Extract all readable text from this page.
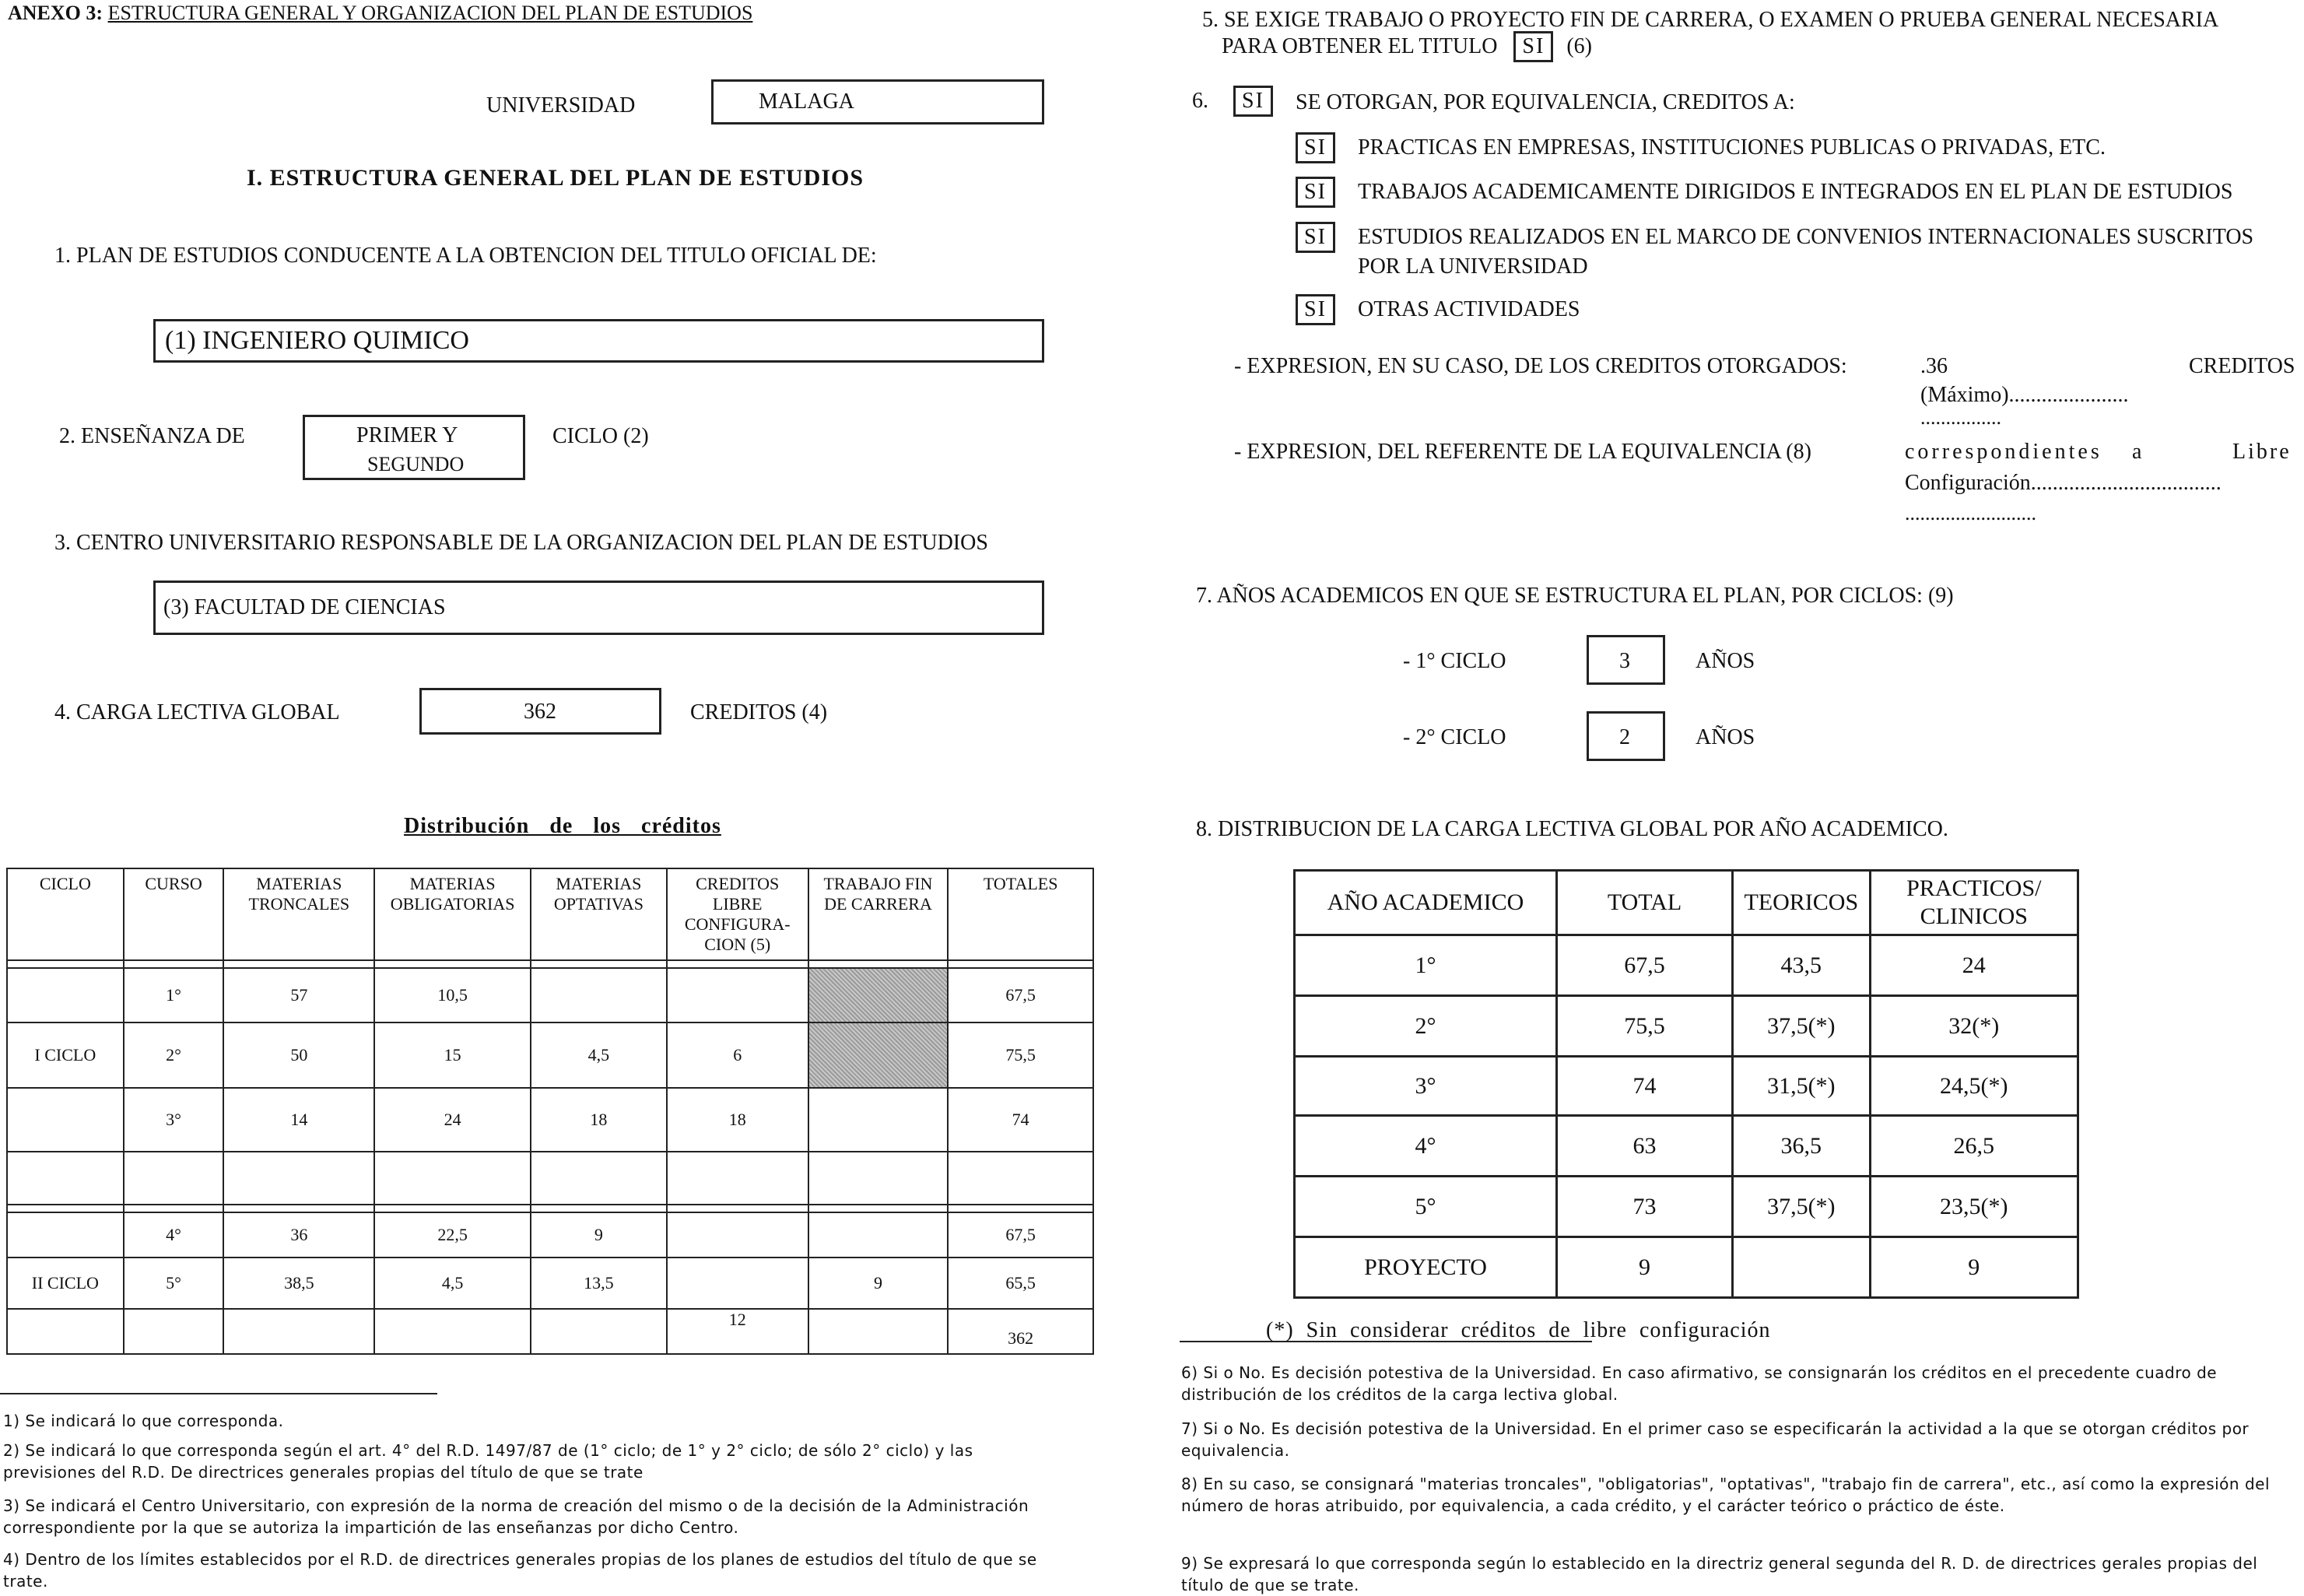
ANEXO 3: ESTRUCTURA GENERAL Y ORGANIZACION DEL PLAN DE ESTUDIOS
UNIVERSIDAD	MALAGA
I. ESTRUCTURA GENERAL DEL PLAN DE ESTUDIOS
1. PLAN DE ESTUDIOS CONDUCENTE A LA OBTENCION DEL TITULO OFICIAL DE:
(1) INGENIERO QUIMICO
2. ENSEÑANZA DE	PRIMER Y
SEGUNDO
CICLO (2)
3. CENTRO UNIVERSITARIO RESPONSABLE DE LA ORGANIZACION DEL PLAN DE ESTUDIOS
(3) FACULTAD DE CIENCIAS
4. CARGA LECTIVA GLOBAL	362	CREDITOS (4)
Distribución de los créditos
CICLO	CURSO	MATERIAS TRONCALES	MATERIAS OBLIGATORIAS	MATERIAS OPTATIVAS	CREDITOS LIBRE CONFIGURA- CION (5)	TRABAJO FIN DE CARRERA	TOTALES

	1°	57	10,5				67,5
I CICLO	2°	50	15	4,5	6		75,5
	3°	14	24	18	18		74

	4°	36	22,5	9			67,5
II CICLO	5°	38,5	4,5	13,5		9	65,5
					12		362
1) Se indicará lo que corresponda.
2) Se indicará lo que corresponda según el art. 4° del R.D. 1497/87 de (1° ciclo; de 1° y 2° ciclo; de sólo 2° ciclo) y las previsiones del R.D. De directrices generales propias del título de que se trate
3) Se indicará el Centro Universitario, con expresión de la norma de creación del mismo o de la decisión de la Administración correspondiente por la que se autoriza la impartición de las enseñanzas por dicho Centro.
4) Dentro de los límites establecidos por el R.D. de directrices generales propias de los planes de estudios del título de que se trate.
5. SE EXIGE TRABAJO O PROYECTO FIN DE CARRERA, O EXAMEN O PRUEBA GENERAL NECESARIA
PARA OBTENER EL TITULO SI (6)
6.	SI	SE OTORGAN, POR EQUIVALENCIA, CREDITOS A:
SI	PRACTICAS EN EMPRESAS, INSTITUCIONES PUBLICAS O PRIVADAS, ETC.
SI	TRABAJOS ACADEMICAMENTE DIRIGIDOS E INTEGRADOS EN EL PLAN DE ESTUDIOS
SI	ESTUDIOS REALIZADOS EN EL MARCO DE CONVENIOS INTERNACIONALES SUSCRITOS
POR LA UNIVERSIDAD
SI	OTRAS ACTIVIDADES
- EXPRESION, EN SU CASO, DE LOS CREDITOS OTORGADOS:	.36	CREDITOS
(Máximo)......................
................
- EXPRESION, DEL REFERENTE DE LA EQUIVALENCIA (8)	correspondientes a	Libre
Configuración...................................
..........................
7. AÑOS ACADEMICOS EN QUE SE ESTRUCTURA EL PLAN, POR CICLOS: (9)
- 1° CICLO	3	AÑOS
- 2° CICLO	2	AÑOS
8. DISTRIBUCION DE LA CARGA LECTIVA GLOBAL POR AÑO ACADEMICO.
AÑO ACADEMICO	TOTAL	TEORICOS	PRACTICOS/ CLINICOS
1°	67,5	43,5	24
2°	75,5	37,5(*)	32(*)
3°	74	31,5(*)	24,5(*)
4°	63	36,5	26,5
5°	73	37,5(*)	23,5(*)
PROYECTO	9		9
(*) Sin considerar créditos de libre configuración
6) Si o No. Es decisión potestiva de la Universidad. En caso afirmativo, se consignarán los créditos en el precedente cuadro de distribución de los créditos de la carga lectiva global.
7) Si o No. Es decisión potestiva de la Universidad. En el primer caso se especificarán la actividad a la que se otorgan créditos por equivalencia.
8) En su caso, se consignará "materias troncales", "obligatorias", "optativas", "trabajo fin de carrera", etc., así como la expresión del número de horas atribuido, por equivalencia, a cada crédito, y el carácter teórico o práctico de éste.
9) Se expresará lo que corresponda según lo establecido en la directriz general segunda del R. D. de directrices gerales propias del título de que se trate.
